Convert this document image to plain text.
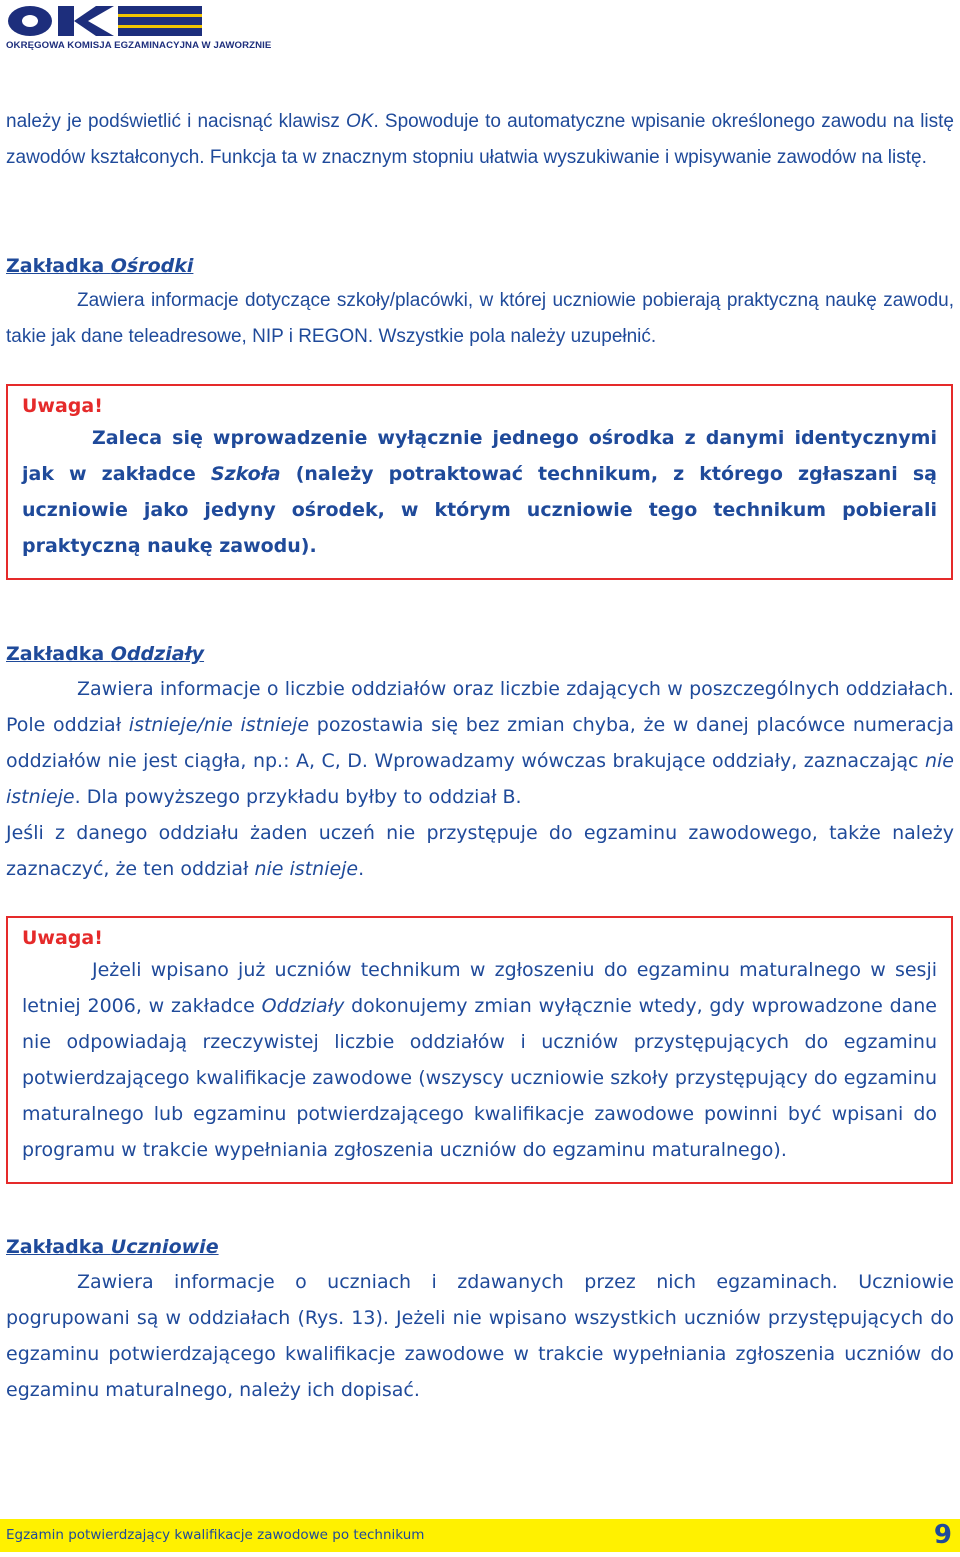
OKRĘGOWA KOMISJA EGZAMINACYJNA W JAWORZNIE
należy je podświetlić i nacisnąć klawisz OK. Spowoduje to automatyczne wpisanie określonego zawodu na listę zawodów kształconych. Funkcja ta w znacznym stopniu ułatwia wyszukiwanie i wpisywanie zawodów na listę.
Zakładka Ośrodki
Zawiera informacje dotyczące szkoły/placówki, w której uczniowie pobierają praktyczną naukę zawodu, takie jak dane teleadresowe, NIP i REGON. Wszystkie pola należy uzupełnić.
Uwaga!
Zaleca się wprowadzenie wyłącznie jednego ośrodka z danymi identycznymi jak w zakładce Szkoła (należy potraktować technikum, z którego zgłaszani są uczniowie jako jedyny ośrodek, w którym uczniowie tego technikum pobierali praktyczną naukę zawodu).
Zakładka Oddziały
Zawiera informacje o liczbie oddziałów oraz liczbie zdających w poszczególnych oddziałach. Pole oddział istnieje/nie istnieje pozostawia się bez zmian chyba, że w danej placówce numeracja oddziałów nie jest ciągła, np.: A, C, D. Wprowadzamy wówczas brakujące oddziały, zaznaczając nie istnieje. Dla powyższego przykładu byłby to oddział B.
Jeśli z danego oddziału żaden uczeń nie przystępuje do egzaminu zawodowego, także należy zaznaczyć, że ten oddział nie istnieje.
Uwaga!
Jeżeli wpisano już uczniów technikum w zgłoszeniu do egzaminu maturalnego w sesji letniej 2006, w zakładce Oddziały dokonujemy zmian wyłącznie wtedy, gdy wprowadzone dane nie odpowiadają rzeczywistej liczbie oddziałów i uczniów przystępujących do egzaminu potwierdzającego kwalifikacje zawodowe (wszyscy uczniowie szkoły przystępujący do egzaminu maturalnego lub egzaminu potwierdzającego kwalifikacje zawodowe powinni być wpisani do programu w trakcie wypełniania zgłoszenia uczniów do egzaminu maturalnego).
Zakładka Uczniowie
Zawiera informacje o uczniach i zdawanych przez nich egzaminach. Uczniowie pogrupowani są w oddziałach (Rys. 13). Jeżeli nie wpisano wszystkich uczniów przystępujących do egzaminu potwierdzającego kwalifikacje zawodowe w trakcie wypełniania zgłoszenia uczniów do egzaminu maturalnego, należy ich dopisać.
Egzamin potwierdzający kwalifikacje zawodowe po technikum	9
